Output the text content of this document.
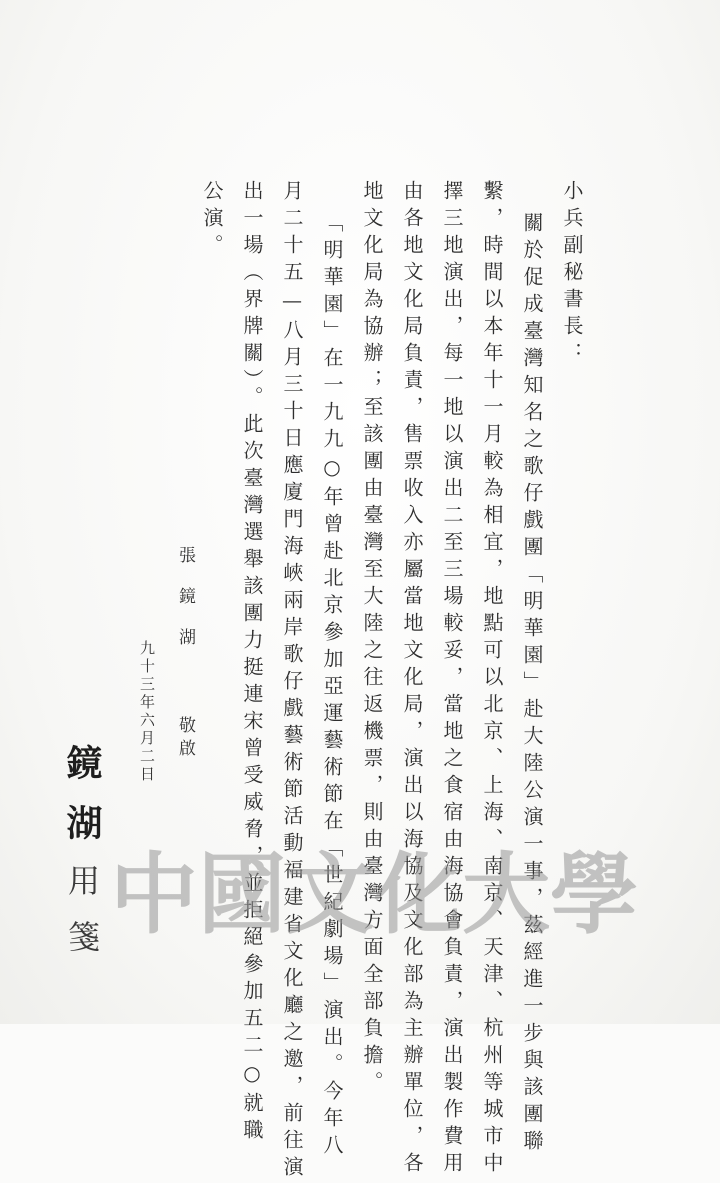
小兵副秘書長：
關於促成臺灣知名之歌仔戲團「明華園」赴大陸公演一事，茲經進一步與該團聯
繫，時間以本年十一月較為相宜，地點可以北京、上海、南京、天津、杭州等城市中
擇三地演出，每一地以演出二至三場較妥，當地之食宿由海協會負責，演出製作費用
由各地文化局負責，售票收入亦屬當地文化局，演出以海協及文化部為主辦單位，各
地文化局為協辦；至該團由臺灣至大陸之往返機票，則由臺灣方面全部負擔。
「明華園」在一九九○年曾赴北京參加亞運藝術節在「世紀劇場」演出。今年八
月二十五—八月三十日應廈門海峽兩岸歌仔戲藝術節活動福建省文化廳之邀，前往演
出一場（界牌關）。此次臺灣選舉該團力挺連宋曾受威脅，並拒絕參加五二○就職
公演。
張鏡湖
敬啟
九十三年六月二日
鏡湖用箋 中 國 文 化 大 學
